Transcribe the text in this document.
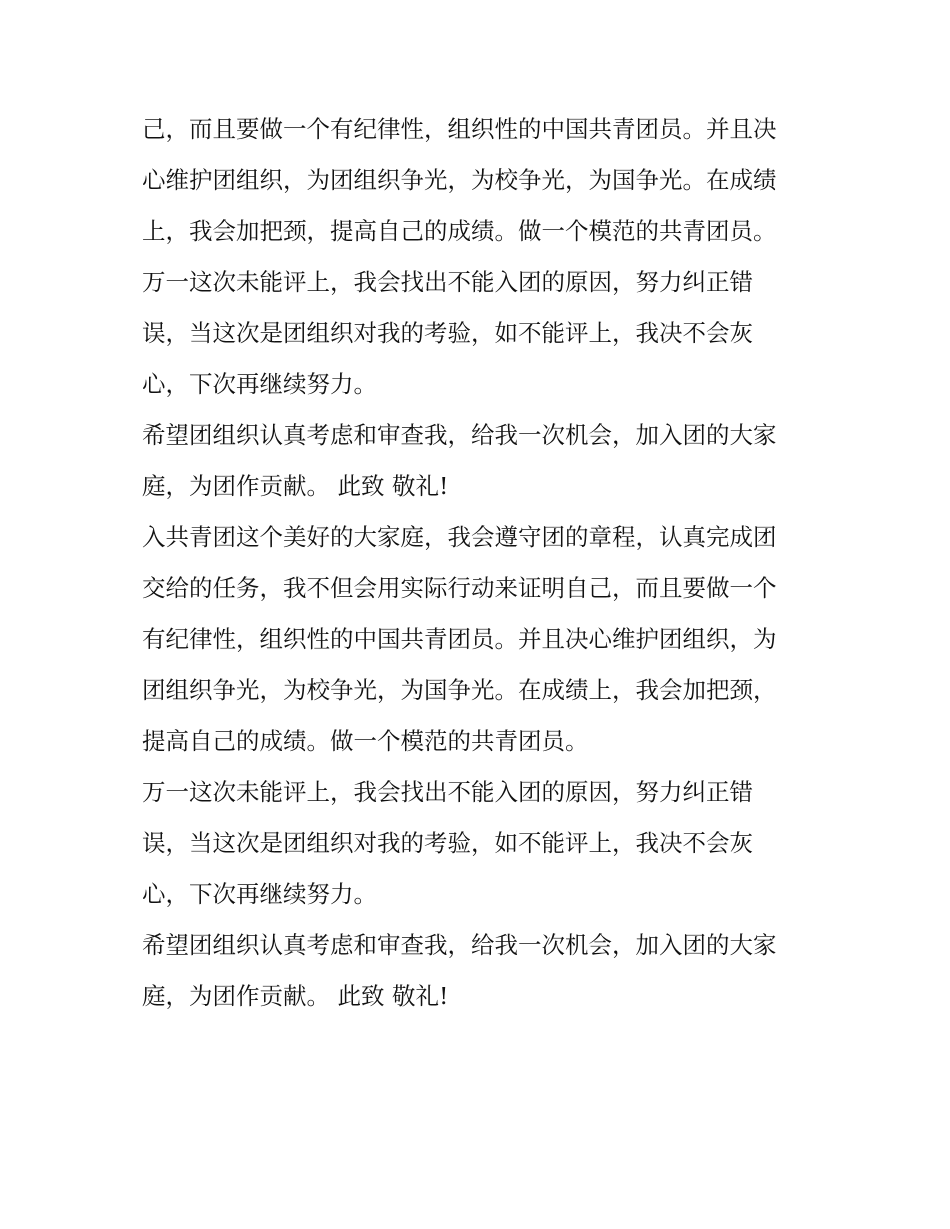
己，而且要做一个有纪律性，组织性的中国共青团员。并且决
心维护团组织，为团组织争光，为校争光，为国争光。在成绩
上，我会加把颈，提高自己的成绩。做一个模范的共青团员。
万一这次未能评上，我会找出不能入团的原因，努力纠正错
误，当这次是团组织对我的考验，如不能评上，我决不会灰
心，下次再继续努力。
希望团组织认真考虑和审查我，给我一次机会，加入团的大家
庭，为团作贡献。 此致 敬礼!
入共青团这个美好的大家庭，我会遵守团的章程，认真完成团
交给的任务，我不但会用实际行动来证明自己，而且要做一个
有纪律性，组织性的中国共青团员。并且决心维护团组织，为
团组织争光，为校争光，为国争光。在成绩上，我会加把颈，
提高自己的成绩。做一个模范的共青团员。
万一这次未能评上，我会找出不能入团的原因，努力纠正错
误，当这次是团组织对我的考验，如不能评上，我决不会灰
心，下次再继续努力。
希望团组织认真考虑和审查我，给我一次机会，加入团的大家
庭，为团作贡献。 此致 敬礼!
